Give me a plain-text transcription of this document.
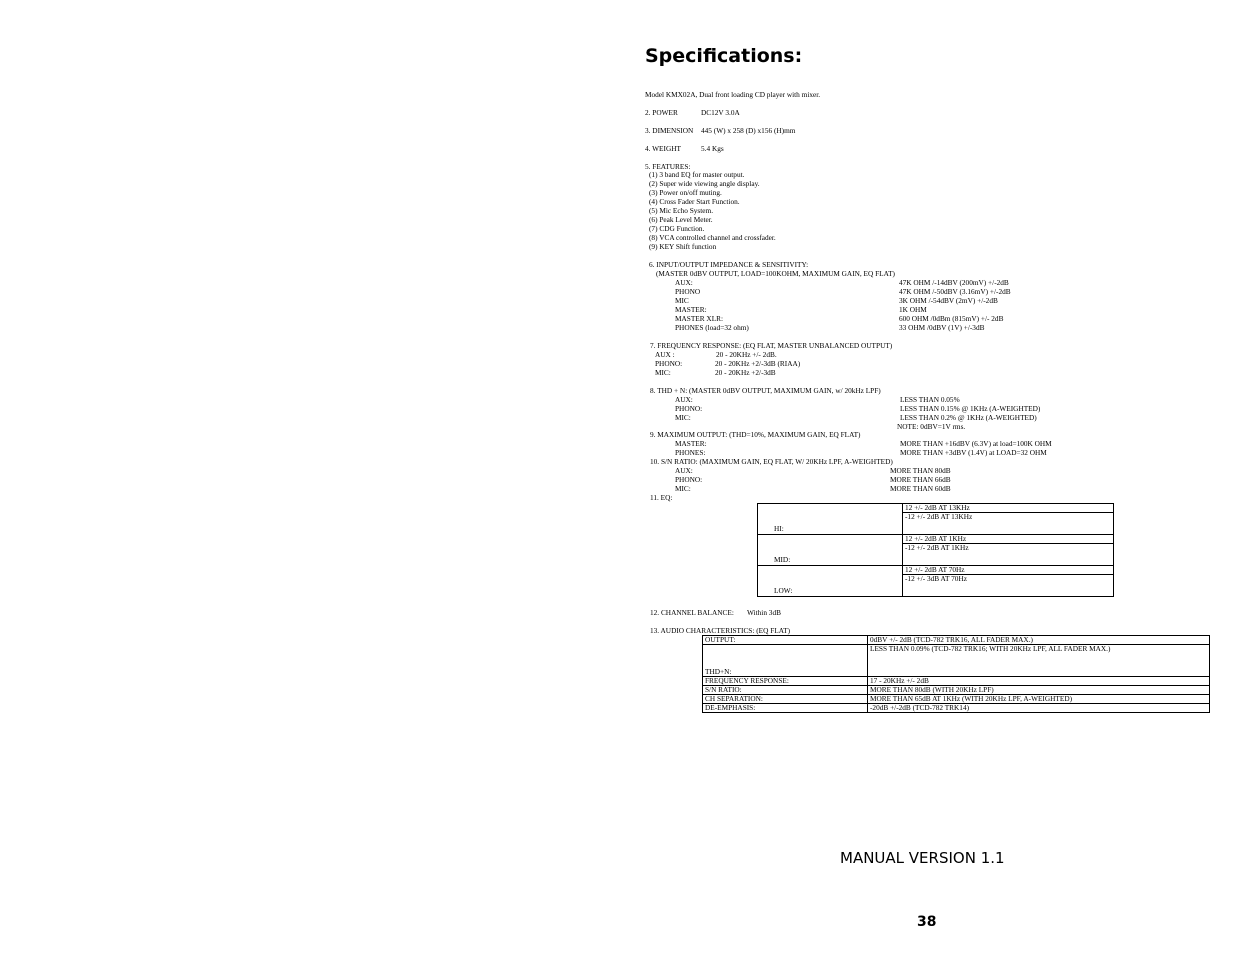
Specifications:
Model KMX02A, Dual front loading CD player with mixer.
2. POWER	DC12V 3.0A
3. DIMENSION 445 (W) x 258 (D) x156 (H)mm
4. WEIGHT	5.4 Kgs
5. FEATURES:
(1) 3 band EQ for master output.
(2) Super wide viewing angle display.
(3) Power on/off muting.
(4) Cross Fader Start Function.
(5) Mic Echo System.
(6) Peak Level Meter.
(7) CDG Function.
(8) VCA controlled channel and crossfader.
(9) KEY Shift function
6. INPUT/OUTPUT IMPEDANCE & SENSITIVITY:
(MASTER 0dBV OUTPUT, LOAD=100KOHM, MAXIMUM GAIN, EQ FLAT)
AUX:	47K OHM /-14dBV (200mV) +/-2dB
PHONO	47K OHM /-50dBV (3.16mV) +/-2dB
MIC	3K OHM /-54dBV (2mV) +/-2dB
MASTER:	1K OHM
MASTER XLR:	600 OHM /0dBm (815mV) +/- 2dB
PHONES (load=32 ohm)	33 OHM /0dBV (1V) +/-3dB
7. FREQUENCY RESPONSE: (EQ FLAT, MASTER UNBALANCED OUTPUT)
AUX :	20 - 20KHz +/- 2dB.
PHONO:	20 - 20KHz +2/-3dB (RIAA)
MIC:	20 - 20KHz +2/-3dB
8. THD + N: (MASTER 0dBV OUTPUT, MAXIMUM GAIN, w/ 20kHz LPF)
AUX:	LESS THAN 0.05%
PHONO:	LESS THAN 0.15% @ 1KHz (A-WEIGHTED)
MIC:	LESS THAN 0.2% @ 1KHz (A-WEIGHTED)
NOTE: 0dBV=1V rms.
9. MAXIMUM OUTPUT: (THD=10%, MAXIMUM GAIN, EQ FLAT)
MASTER:	MORE THAN +16dBV (6.3V) at load=100K OHM
PHONES:	MORE THAN +3dBV (1.4V) at LOAD=32 OHM
10. S/N RATIO: (MAXIMUM GAIN, EQ FLAT, W/ 20KHz LPF, A-WEIGHTED)
AUX:	MORE THAN 80dB
PHONO:	MORE THAN 66dB
MIC:	MORE THAN 60dB
11. EQ:
HI:	12 +/- 2dB AT 13KHz
	-12 +/- 2dB AT 13KHz
MID:	12 +/- 2dB AT 1KHz
	-12 +/- 2dB AT 1KHz
LOW:	12 +/- 2dB AT 70Hz
	-12 +/- 3dB AT 70Hz
12. CHANNEL BALANCE: Within 3dB
13. AUDIO CHARACTERISTICS: (EQ FLAT)
OUTPUT:	0dBV +/- 2dB (TCD-782 TRK16, ALL FADER MAX.)
THD+N:	LESS THAN 0.09% (TCD-782 TRK16; WITH 20KHz LPF, ALL FADER MAX.)
FREQUENCY RESPONSE:	17 - 20KHz +/- 2dB
S/N RATIO:	MORE THAN 80dB (WITH 20KHz LPF)
CH SEPARATION:	MORE THAN 65dB AT 1KHz (WITH 20KHz LPF, A-WEIGHTED)
DE-EMPHASIS:	-20dB +/-2dB (TCD-782 TRK14)
MANUAL VERSION 1.1
38
